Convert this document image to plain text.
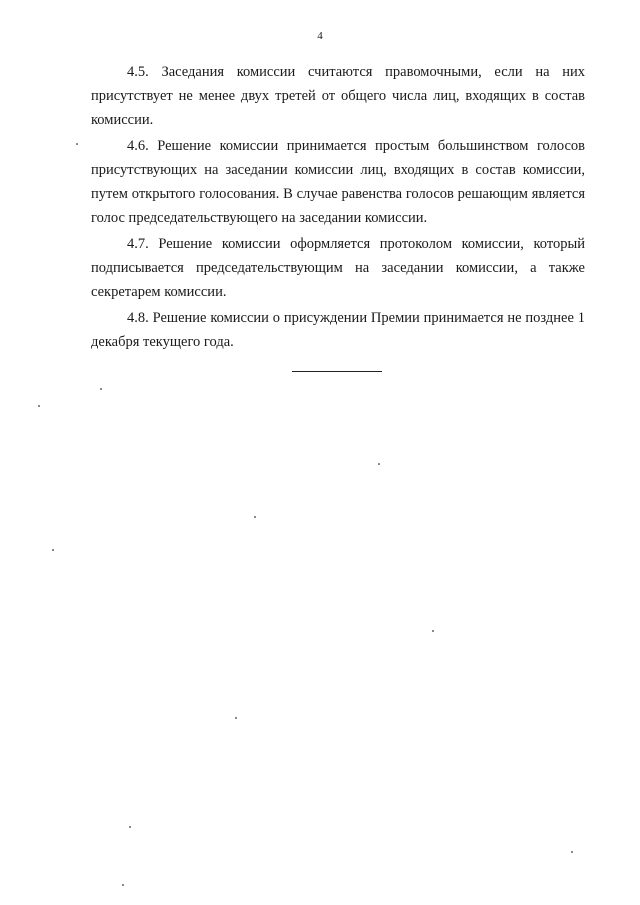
4

4.5. Заседания комиссии считаются правомочными, если на них присутствует не менее двух третей от общего числа лиц, входящих в состав комиссии.

4.6. Решение комиссии принимается простым большинством голосов присутствующих на заседании комиссии лиц, входящих в состав комиссии, путем открытого голосования. В случае равенства голосов решающим является голос председательствующего на заседании комиссии.

4.7. Решение комиссии оформляется протоколом комиссии, который подписывается председательствующим на заседании комиссии, а также секретарем комиссии.

4.8. Решение комиссии о присуждении Премии принимается не позднее 1 декабря текущего года.
